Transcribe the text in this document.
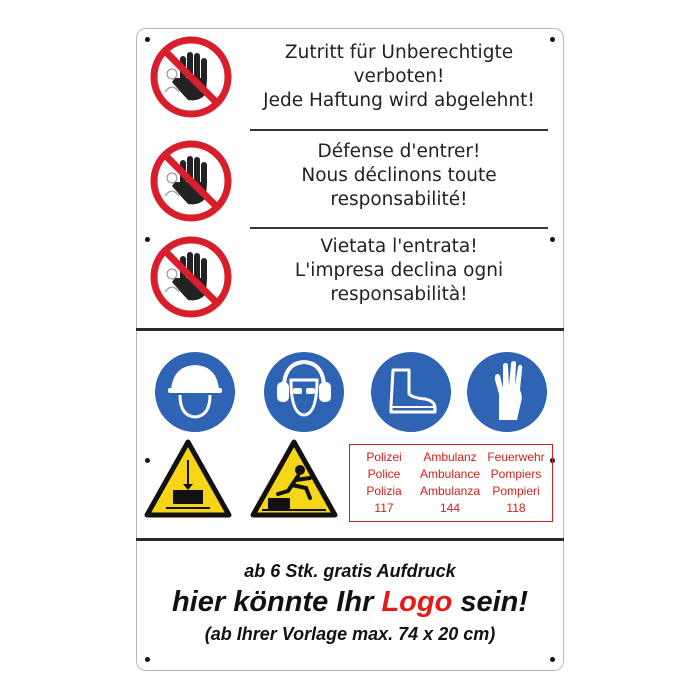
Zutritt für Unberechtigte
verboten!
Jede Haftung wird abgelehnt!
Défense d'entrer!
Nous déclinons toute
responsabilité!
Vietata l'entrata!
L'impresa declina ogni
responsabilità!
Polizei
Police
Polizia
117
Ambulanz
Ambulance
Ambulanza
144
Feuerwehr
Pompiers
Pompieri
118
ab 6 Stk. gratis Aufdruck
hier könnte Ihr Logo sein!
(ab Ihrer Vorlage max. 74 x 20 cm)
